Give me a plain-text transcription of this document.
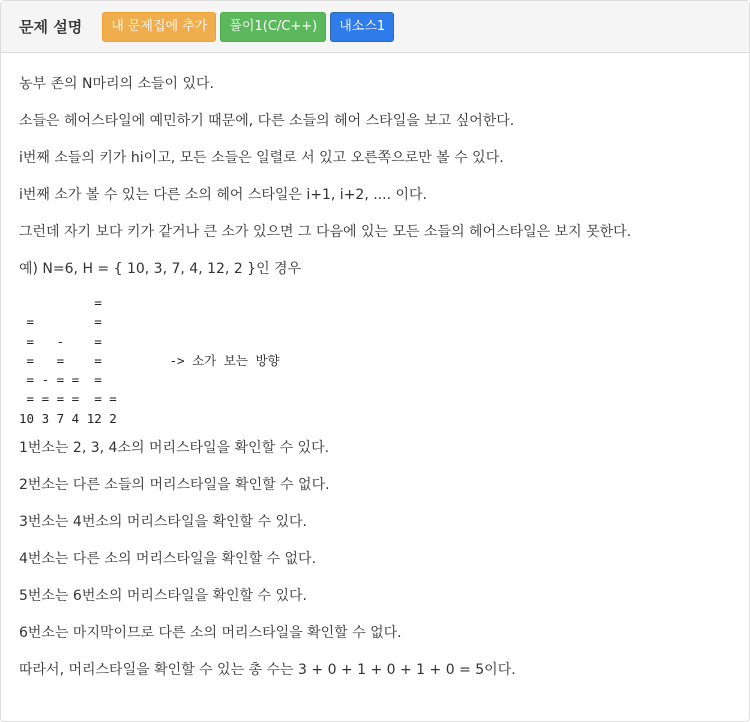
문제 설명	내 문제집에 추가	풀이1(C/C++)	내소스1

농부 존의 N마리의 소들이 있다.

소들은 헤어스타일에 예민하기 때문에, 다른 소들의 헤어 스타일을 보고 싶어한다.

i번째 소들의 키가 hi이고, 모든 소들은 일렬로 서 있고 오른쪽으로만 볼 수 있다.

i번째 소가 볼 수 있는 다른 소의 헤어 스타일은 i+1, i+2, .... 이다.

그런데 자기 보다 키가 같거나 큰 소가 있으면 그 다음에 있는 모든 소들의 헤어스타일은 보지 못한다.

예) N=6, H = { 10, 3, 7, 4, 12, 2 }인 경우

=
=        =
=   -    =
=   =    =         -> 소가 보는 방향
= - = =  =
= = = =  = =
10 3 7 4 12 2

1번소는 2, 3, 4소의 머리스타일을 확인할 수 있다.

2번소는 다른 소들의 머리스타일을 확인할 수 없다.

3번소는 4번소의 머리스타일을 확인할 수 있다.

4번소는 다른 소의 머리스타일을 확인할 수 없다.

5번소는 6번소의 머리스타일을 확인할 수 있다.

6번소는 마지막이므로 다른 소의 머리스타일을 확인할 수 없다.

따라서, 머리스타일을 확인할 수 있는 총 수는 3 + 0 + 1 + 0 + 1 + 0 = 5이다.
